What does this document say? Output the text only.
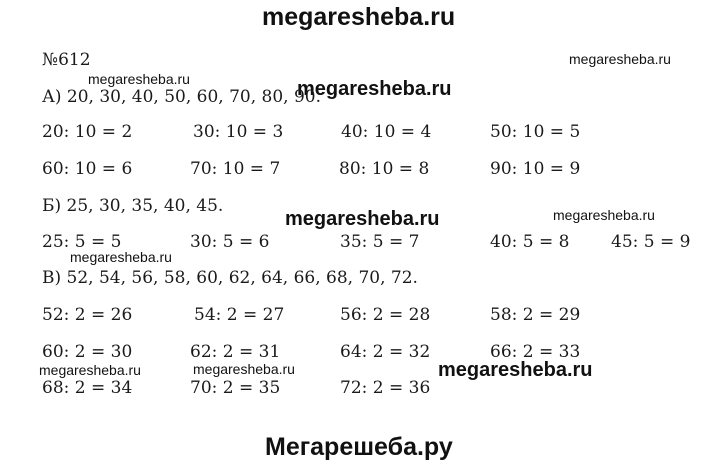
megaresheba.ru
№612	megaresheba.ru
megaresheba.ru	megaresheba.ru
megaresheba.ru	megaresheba.ru
megaresheba.ru
megaresheba.ru	megaresheba.ru	megaresheba.ru
А) 20, 30, 40, 50, 60, 70, 80, 90.
20: 10 = 2	30: 10 = 3	40: 10 = 4	50: 10 = 5
60: 10 = 6	70: 10 = 7	80: 10 = 8	90: 10 = 9
Б) 25, 30, 35, 40, 45.
25: 5 = 5	30: 5 = 6	35: 5 = 7	40: 5 = 8 45: 5 = 9
В) 52, 54, 56, 58, 60, 62, 64, 66, 68, 70, 72.
52: 2 = 26	54: 2 = 27	56: 2 = 28	58: 2 = 29
60: 2 = 30	62: 2 = 31	64: 2 = 32	66: 2 = 33
68: 2 = 34	70: 2 = 35	72: 2 = 36
Мегарешеба.ру
